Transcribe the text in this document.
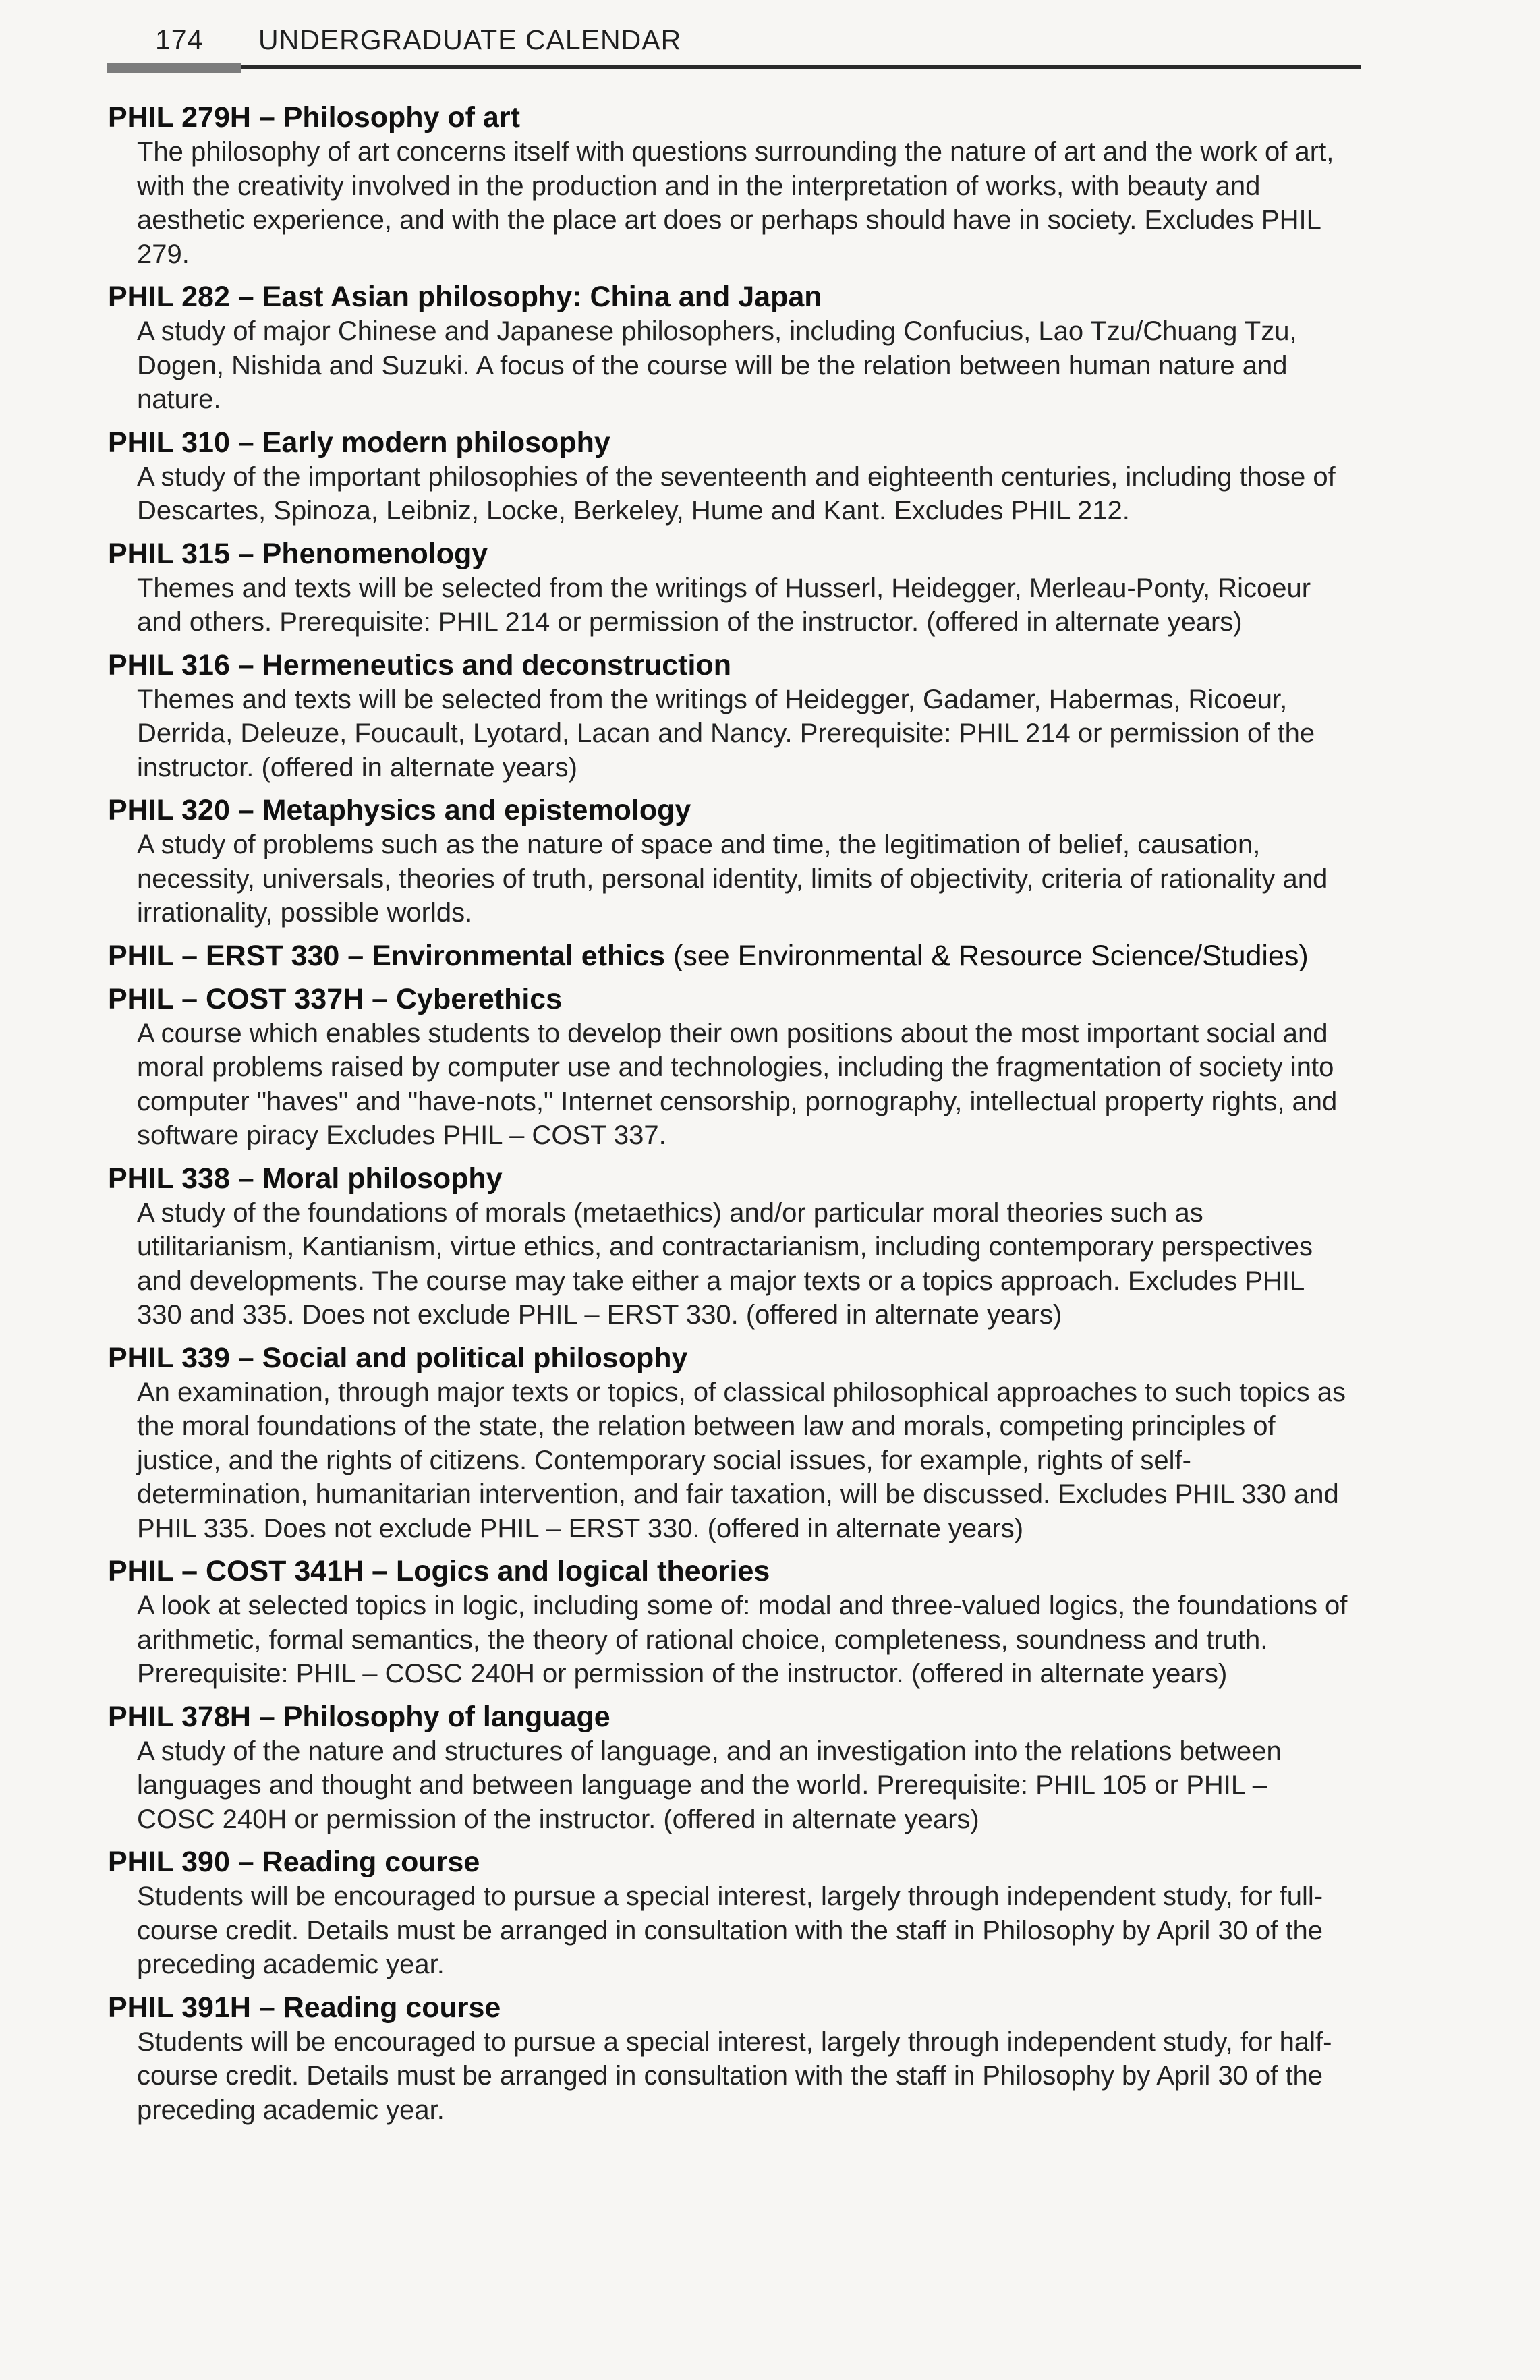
174 UNDERGRADUATE CALENDAR

PHIL 279H – Philosophy of art

The philosophy of art concerns itself with questions surrounding the nature of art and the work of art, with the creativity involved in the production and in the interpretation of works, with beauty and aesthetic experience, and with the place art does or perhaps should have in society. Excludes PHIL 279.

PHIL 282 – East Asian philosophy: China and Japan

A study of major Chinese and Japanese philosophers, including Confucius, Lao Tzu/Chuang Tzu, Dogen, Nishida and Suzuki. A focus of the course will be the relation between human nature and nature.

PHIL 310 – Early modern philosophy

A study of the important philosophies of the seventeenth and eighteenth centuries, including those of Descartes, Spinoza, Leibniz, Locke, Berkeley, Hume and Kant. Excludes PHIL 212.

PHIL 315 – Phenomenology

Themes and texts will be selected from the writings of Husserl, Heidegger, Merleau-Ponty, Ricoeur and others. Prerequisite: PHIL 214 or permission of the instructor. (offered in alternate years)

PHIL 316 – Hermeneutics and deconstruction

Themes and texts will be selected from the writings of Heidegger, Gadamer, Habermas, Ricoeur, Derrida, Deleuze, Foucault, Lyotard, Lacan and Nancy. Prerequisite: PHIL 214 or permission of the instructor. (offered in alternate years)

PHIL 320 – Metaphysics and epistemology

A study of problems such as the nature of space and time, the legitimation of belief, causation, necessity, universals, theories of truth, personal identity, limits of objectivity, criteria of rationality and irrationality, possible worlds.

PHIL – ERST 330 – Environmental ethics (see Environmental & Resource Science/Studies)

PHIL – COST 337H – Cyberethics

A course which enables students to develop their own positions about the most important social and moral problems raised by computer use and technologies, including the fragmentation of society into computer "haves" and "have-nots," Internet censorship, pornography, intellectual property rights, and software piracy Excludes PHIL – COST 337.

PHIL 338 – Moral philosophy

A study of the foundations of morals (metaethics) and/or particular moral theories such as utilitarianism, Kantianism, virtue ethics, and contractarianism, including contemporary perspectives and developments. The course may take either a major texts or a topics approach. Excludes PHIL 330 and 335. Does not exclude PHIL – ERST 330. (offered in alternate years)

PHIL 339 – Social and political philosophy

An examination, through major texts or topics, of classical philosophical approaches to such topics as the moral foundations of the state, the relation between law and morals, competing principles of justice, and the rights of citizens. Contemporary social issues, for example, rights of self-determination, humanitarian intervention, and fair taxation, will be discussed. Excludes PHIL 330 and PHIL 335. Does not exclude PHIL – ERST 330. (offered in alternate years)

PHIL – COST 341H – Logics and logical theories

A look at selected topics in logic, including some of: modal and three-valued logics, the foundations of arithmetic, formal semantics, the theory of rational choice, completeness, soundness and truth. Prerequisite: PHIL – COSC 240H or permission of the instructor. (offered in alternate years)

PHIL 378H – Philosophy of language

A study of the nature and structures of language, and an investigation into the relations between languages and thought and between language and the world. Prerequisite: PHIL 105 or PHIL – COSC 240H or permission of the instructor. (offered in alternate years)

PHIL 390 – Reading course

Students will be encouraged to pursue a special interest, largely through independent study, for full-course credit. Details must be arranged in consultation with the staff in Philosophy by April 30 of the preceding academic year.

PHIL 391H – Reading course

Students will be encouraged to pursue a special interest, largely through independent study, for half-course credit. Details must be arranged in consultation with the staff in Philosophy by April 30 of the preceding academic year.
